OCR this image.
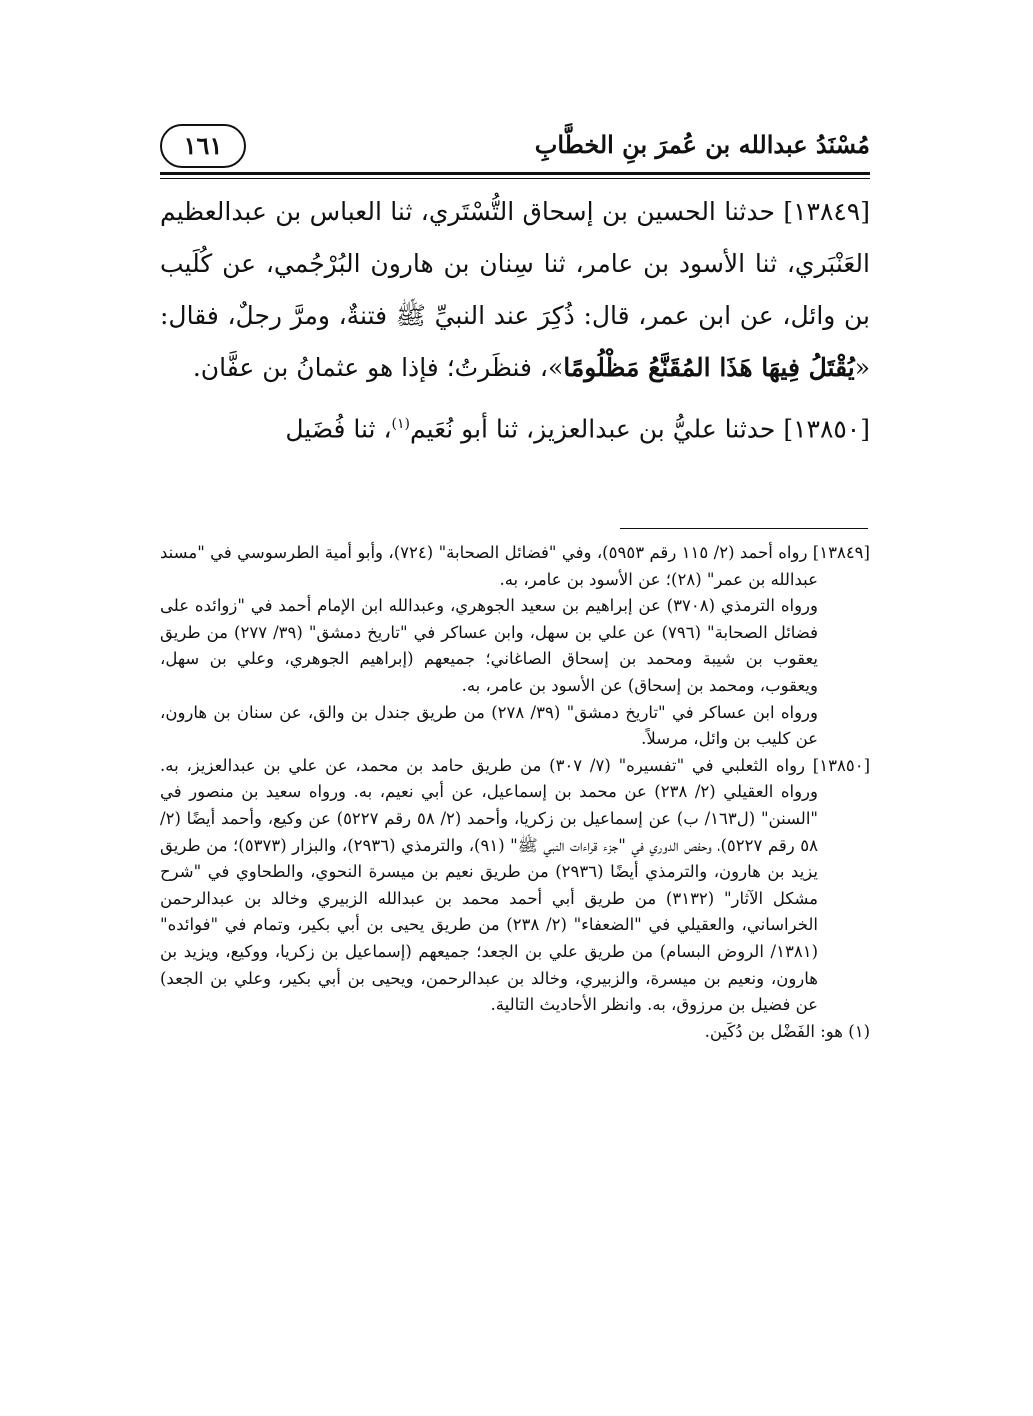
مُسْنَدُ عبدالله بن عُمرَ بنِ الخطَّابِ
١٦١

[١٣٨٤٩] حدثنا الحسين بن إسحاق التُّسْتَري، ثنا العباس بن عبدالعظيم العَنْبَري، ثنا الأسود بن عامر، ثنا سِنان بن هارون البُرْجُمي، عن كُلَيب بن وائل، عن ابن عمر، قال: ذُكِرَ عند النبيِّ ﷺ فتنةٌ، ومرَّ رجلٌ، فقال: «يُقْتَلُ فِيهَا هَذَا المُقَنَّعُ مَظْلُومًا»، فنظَرتُ؛ فإذا هو عثمانُ بن عفَّان.

[١٣٨٥٠] حدثنا عليُّ بن عبدالعزيز، ثنا أبو نُعَيم$^{(١)}$، ثنا فُضَيل

[١٣٨٤٩] رواه أحمد (٢/ ١١٥ رقم ٥٩٥٣)، وفي "فضائل الصحابة" (٧٢٤)، وأبو أمية الطرسوسي في "مسند عبدالله بن عمر" (٢٨)؛ عن الأسود بن عامر، به.

ورواه الترمذي (٣٧٠٨) عن إبراهيم بن سعيد الجوهري، وعبدالله ابن الإمام أحمد في "زوائده على فضائل الصحابة" (٧٩٦) عن علي بن سهل، وابن عساكر في "تاريخ دمشق" (٣٩/ ٢٧٧) من طريق يعقوب بن شيبة ومحمد بن إسحاق الصاغاني؛ جميعهم (إبراهيم الجوهري، وعلي بن سهل، ويعقوب، ومحمد بن إسحاق) عن الأسود بن عامر، به.

ورواه ابن عساكر في "تاريخ دمشق" (٣٩/ ٢٧٨) من طريق جندل بن والق، عن سنان بن هارون، عن كليب بن وائل، مرسلاً.

[١٣٨٥٠] رواه الثعلبي في "تفسيره" (٧/ ٣٠٧) من طريق حامد بن محمد، عن علي بن عبدالعزيز، به. ورواه العقيلي (٢/ ٢٣٨) عن محمد بن إسماعيل، عن أبي نعيم، به. ورواه سعيد بن منصور في "السنن" (ل١٦٣/ ب) عن إسماعيل بن زكريا، وأحمد (٢/ ٥٨ رقم ٥٢٢٧) عن وكيع، وأحمد أيضًا (٢/ ٥٨ رقم ٥٢٢٧)، وحفص الدوري في "جزء قراءات النبي ﷺ" (٩١)، والترمذي (٢٩٣٦)، والبزار (٥٣٧٣)؛ من طريق يزيد بن هارون، والترمذي أيضًا (٢٩٣٦) من طريق نعيم بن ميسرة النحوي، والطحاوي في "شرح مشكل الآثار" (٣١٣٢) من طريق أبي أحمد محمد بن عبدالله الزبيري وخالد بن عبدالرحمن الخراساني، والعقيلي في "الضعفاء" (٢/ ٢٣٨) من طريق يحيى بن أبي بكير، وتمام في "فوائده" (١٣٨١/ الروض البسام) من طريق علي بن الجعد؛ جميعهم (إسماعيل بن زكريا، ووكيع، ويزيد بن هارون، ونعيم بن ميسرة، والزبيري، وخالد بن عبدالرحمن، ويحيى بن أبي بكير، وعلي بن الجعد) عن فضيل بن مرزوق، به. وانظر الأحاديث التالية.

(١) هو: الفَضْل بن دُكَين.
